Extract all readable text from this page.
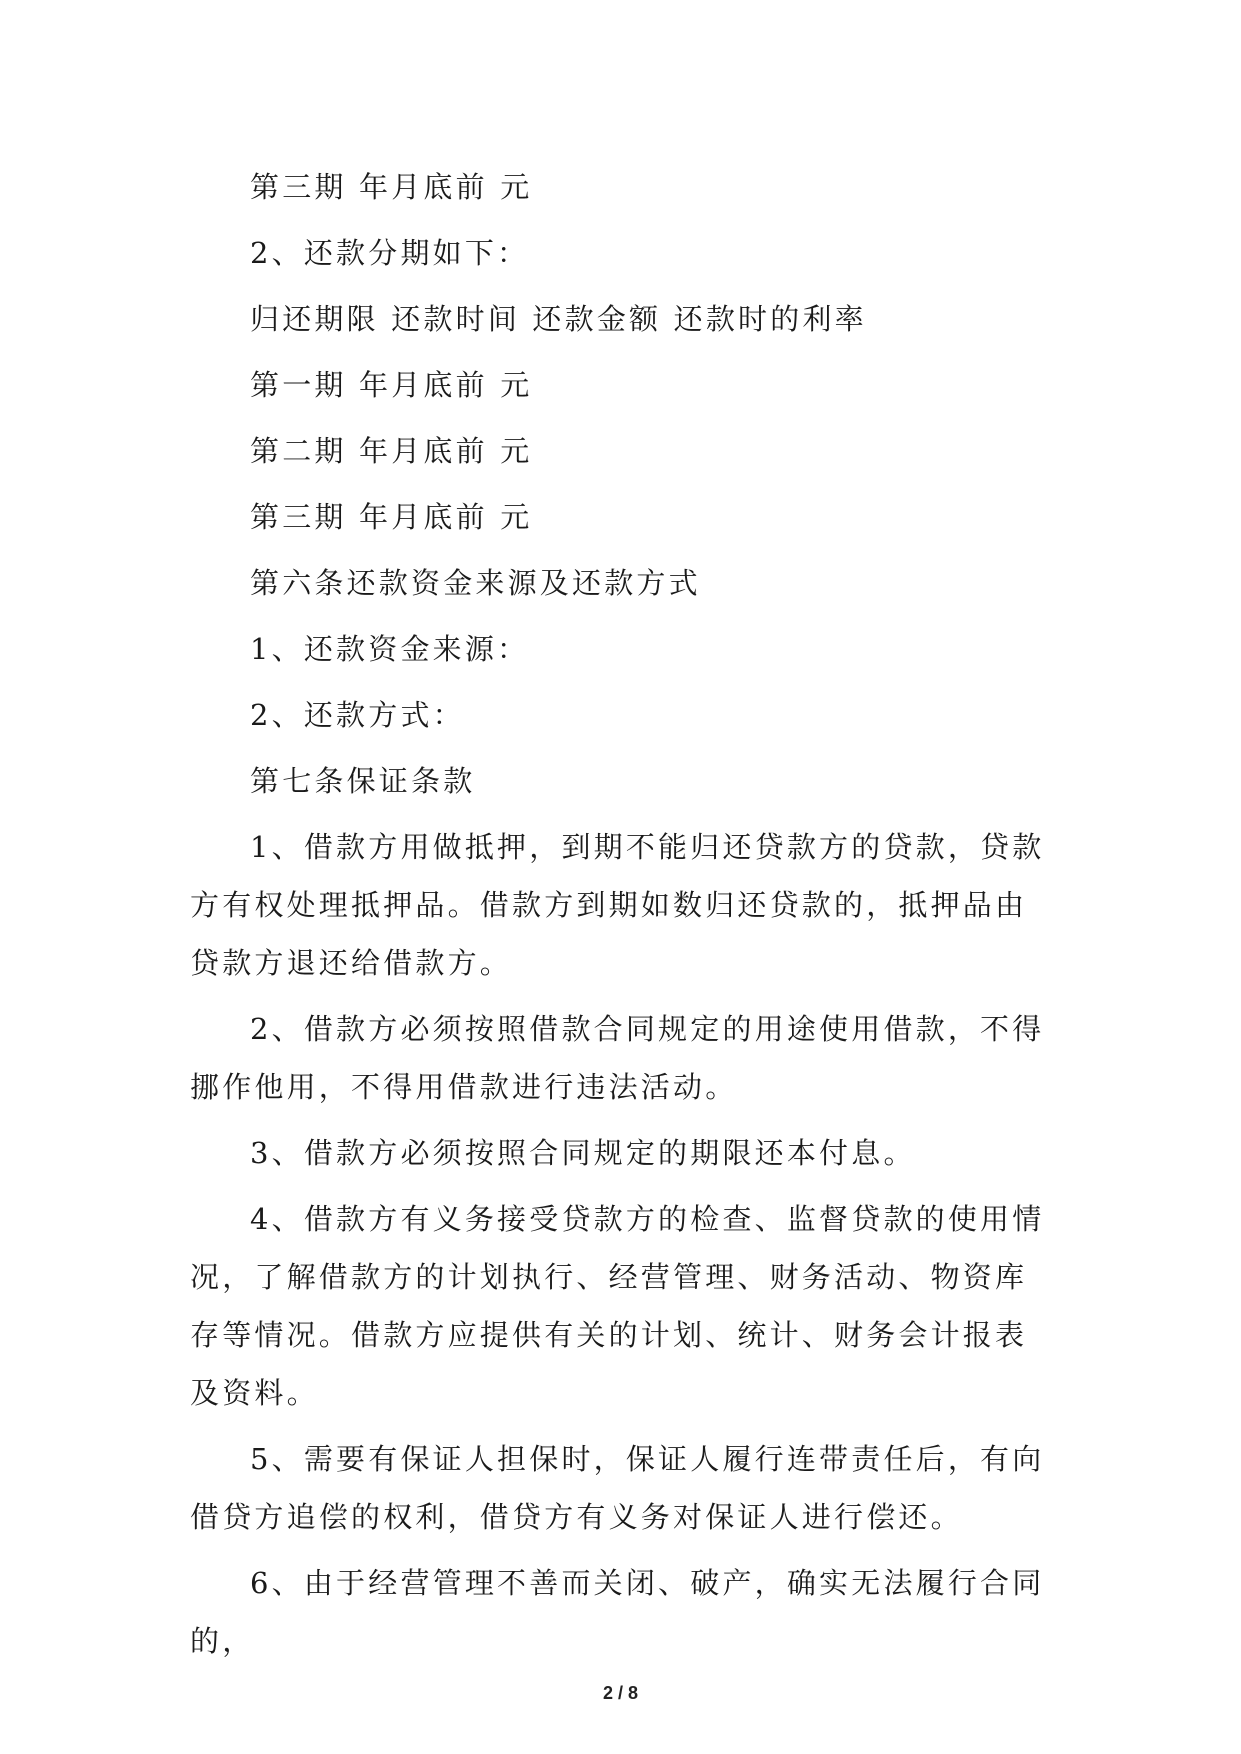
第三期 年月底前 元

2、还款分期如下：

归还期限 还款时间 还款金额 还款时的利率

第一期 年月底前 元

第二期 年月底前 元

第三期 年月底前 元

第六条还款资金来源及还款方式

1、还款资金来源：

2、还款方式：

第七条保证条款

1、借款方用做抵押，到期不能归还贷款方的贷款，贷款方有权处理抵押品。借款方到期如数归还贷款的，抵押品由贷款方退还给借款方。

2、借款方必须按照借款合同规定的用途使用借款，不得挪作他用，不得用借款进行违法活动。

3、借款方必须按照合同规定的期限还本付息。

4、借款方有义务接受贷款方的检查、监督贷款的使用情况，了解借款方的计划执行、经营管理、财务活动、物资库存等情况。借款方应提供有关的计划、统计、财务会计报表及资料。

5、需要有保证人担保时，保证人履行连带责任后，有向借贷方追偿的权利，借贷方有义务对保证人进行偿还。

6、由于经营管理不善而关闭、破产，确实无法履行合同的，

2 / 8
